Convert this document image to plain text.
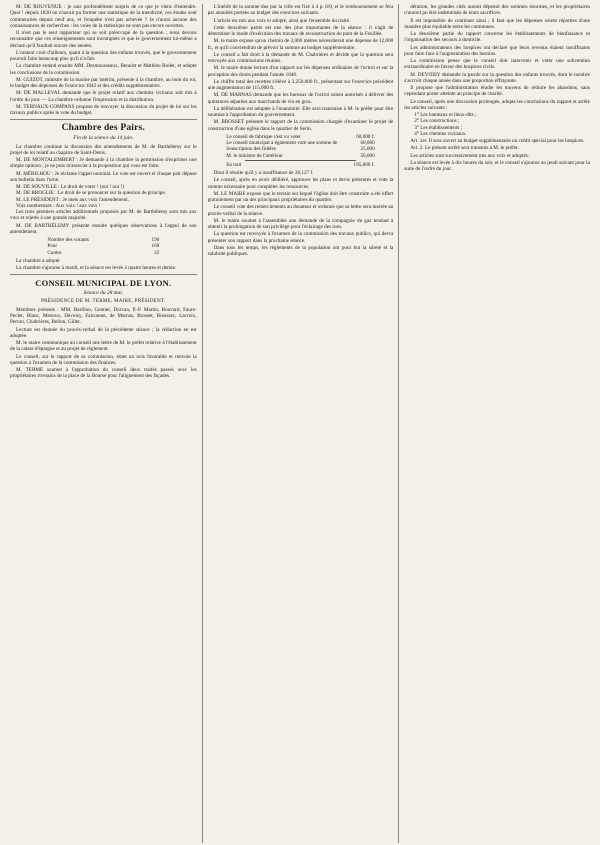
M. DE ROUVENUE : je suis profondément surpris de ce que je viens d'entendre. Quoi ! depuis 1820 on n'aurait pu former une statistique de la mendicité, ces études sont commencées depuis neuf ans, et l'enquête n'est pas achevée ? Je n'aurai aucune des connaissances de recherches : les voies de la statistique ne sont pas encore ouvertes.

Il n'est pas le seul rapporteur qui se soit préoccupé de la question ; nous devons reconnaître que ces renseignements sont incomplets et que le gouvernement lui-même a déclaré qu'il faudrait encore des années.

L'orateur croit d'ailleurs, quant à la question des enfants trouvés, que le gouvernement pourrait faire beaucoup plus qu'il n'a fait.

La chambre entend ensuite MM. Desmousseaux, Benoist et Mathieu Bodet, et adopte les conclusions de la commission.

M. GUIZOT, ministre de la marine par intérim, présente à la chambre, au nom du roi, le budget des dépenses de l'exercice 1842 et des crédits supplémentaires.

M. DE MALLEVAL demande que le projet relatif aux chemins vicinaux soit mis à l'ordre du jour. — La chambre ordonne l'impression et la distribution.

M. TERNAUX-COMPANS propose de renvoyer la discussion du projet de loi sur les travaux publics après le vote du budget.

Chambre des Pairs.
Fin de la séance du 14 juin.

La chambre continue la discussion des amendements de M. de Barthélemy sur le projet de loi relatif au chapitre de Saint-Denis.

M. DE MONTALEMBERT : Je demande à la chambre la permission d'exprimer une simple opinion ; je ne puis m'associer à la proposition qui vous est faite.

M. MÉRILHOU : Je réclame l'appel nominal. Le vote est ouvert et chaque pair dépose son bulletin dans l'urne.

M. DE SOUVILLE : Le droit de voter ! (oui ! oui !)
M. DE BROGLIE : Le droit de se prononcer sur la question de principe.
M. LE PRÉSIDENT : Je mets aux voix l'amendement.
Voix nombreuses : Aux voix ! aux voix !

Les trois premiers articles additionnels proposés par M. de Barthélemy sont mis aux voix et rejetés à une grande majorité.

M. DE BARTHÉLEMY présente ensuite quelques observations à l'appui de son amendement.

Nombre des votants	190
Pour	168
Contre	22

La chambre a adopté.

La chambre s'ajourne à mardi, et la séance est levée à quatre heures et demie.

CONSEIL MUNICIPAL DE LYON.
Séance du 28 mai.
PRÉSIDENCE DE M. TERME, MAIRE, PRÉSIDENT.

Membres présents : MM. Barillon, Gentier, Dorvan, P.-P. Martin, Bouvard, Faure-Peclet, Blanc, Menoux, Devoisy, Falconnet, de Marnas, Brosset, Rieussec, Lacroix, Perron, Chabrières, Bellon, Gillet.

Lecture est donnée du procès-verbal de la précédente séance ; la rédaction en est adoptée.

M. le maire communique au conseil une lettre de M. le préfet relative à l'établissement de la caisse d'épargne et au projet de règlement.

Le conseil, sur le rapport de sa commission, émet un avis favorable et renvoie la question à l'examen de la commission des finances.

M. TERME soumet à l'approbation du conseil deux traités passés avec les propriétaires riverains de la place de la Bourse pour l'alignement des façades.

L'intérêt de la somme due par la ville est fixé à 4 p. 0/0, et le remboursement se fera par annuités portées au budget des exercices suivants.

L'article est mis aux voix et adopté, ainsi que l'ensemble du traité.

Cette deuxième partie est une des plus importantes de la séance : il s'agit de déterminer le mode d'exécution des travaux de reconstruction du pont de la Feuillée.

M. le maire expose qu'un chemin de 2,000 mètres nécessiterait une dépense de 12,000 fr., et qu'il conviendrait de prévoir la somme au budget supplémentaire.

Le conseil a fait droit à la demande de M. Chabrières et décide que la question sera renvoyée aux commissions réunies.

M. le maire donne lecture d'un rapport sur les dépenses ordinaires de l'octroi et sur la perception des droits pendant l'année 1840.

Le chiffre total des recettes s'élève à 3,250,000 fr., présentant sur l'exercice précédent une augmentation de 115,000 fr.

M. DE MARNAS demande que les bureaux de l'octroi soient autorisés à délivrer des quittances séparées aux marchands de vin en gros.

La délibération est adoptée à l'unanimité. Elle sera transmise à M. le préfet pour être soumise à l'approbation du gouvernement.

M. BROSSET présente le rapport de la commission chargée d'examiner le projet de construction d'une église dans le quartier de Serin.

Le conseil de fabrique s'est vu voter	60,000 f.
Le conseil municipal a également voté une somme de	60,000
Souscription des fidèles	25,000
M. le ministre de l'intérieur	50,000
En tout	195,000 f.

Dont il résulte qu'il y a insuffisance de 28,127 f.

Le conseil, après en avoir délibéré, approuve les plans et devis présentés et vote la somme nécessaire pour compléter les ressources.

M. LE MAIRE expose que le terrain sur lequel l'église doit être construite a été offert gratuitement par un des principaux propriétaires du quartier.

Le conseil vote des remerciements au donateur et ordonne que sa lettre sera insérée au procès-verbal de la séance.

M. le maire soumet à l'assemblée une demande de la compagnie du gaz tendant à obtenir la prolongation de son privilège pour l'éclairage des rues.

La question est renvoyée à l'examen de la commission des travaux publics, qui devra présenter son rapport dans la prochaine séance.

Dans tous les temps, les règlements de la population ont pour but la sûreté et la salubrité publiques.

dération, les grandes cités auront dépensé des sommes énormes, et les propriétaires n'auront pu être indemnisés de leurs sacrifices.

Il est impossible de continuer ainsi ; il faut que les dépenses soient réparties d'une manière plus équitable entre les communes.

La deuxième partie du rapport concerne les établissements de bienfaisance et l'organisation des secours à domicile.

Les administrateurs des hospices ont déclaré que leurs revenus étaient insuffisants pour faire face à l'augmentation des besoins.

La commission pense que le conseil doit intervenir et voter une subvention extraordinaire en faveur des hospices civils.

M. DEVOISY demande la parole sur la question des enfants trouvés, dont le nombre s'accroît chaque année dans une proportion effrayante.

Il propose que l'administration étudie les moyens de réduire les abandons, sans cependant porter atteinte au principe de charité.

Le conseil, après une discussion prolongée, adopte les conclusions du rapport et arrête les articles suivants :

1° Les hameaux et lieux-dits ;
2° Les constructions ;
3° Les établissements ;
4° Les chemins vicinaux.

Art. 1er. Il sera ouvert au budget supplémentaire un crédit spécial pour les hospices.

Art. 2. Le présent arrêté sera transmis à M. le préfet.

Les articles sont successivement mis aux voix et adoptés.

La séance est levée à dix heures du soir, et le conseil s'ajourne au jeudi suivant pour la suite de l'ordre du jour.
